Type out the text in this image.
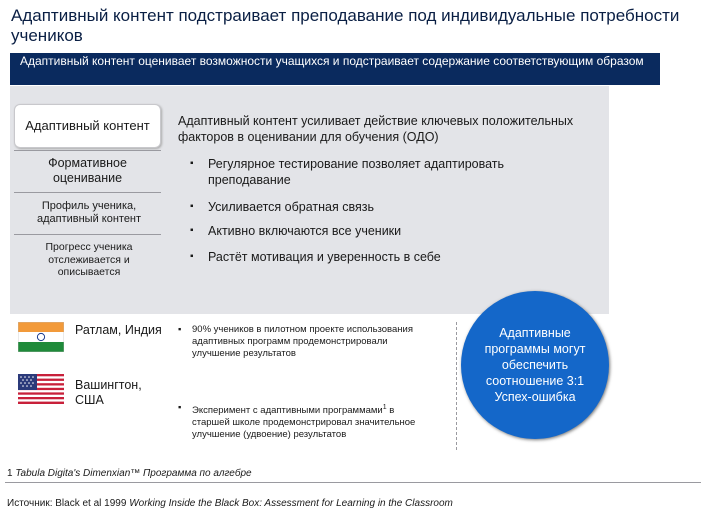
Адаптивный контент подстраивает преподавание под индивидуальные потребности учеников
Адаптивный контент оценивает возможности учащихся и подстраивает содержание соответствующим образом
Адаптивный контент
Формативное оценивание
Профиль ученика, адаптивный контент
Прогресс ученика отслеживается и описывается
Адаптивный контент усиливает действие ключевых положительных факторов в оценивании для обучения (ОДО)
▪ Регулярное тестирование позволяет адаптировать преподавание
▪ Усиливается обратная связь
▪ Активно включаются все ученики
▪ Растёт мотивация и уверенность в себе
Ратлам, Индия
Вашингтон, США
▪ 90% учеников в пилотном проекте использования адаптивных программ продемонстрировали улучшение результатов
▪ Эксперимент с адаптивными программами$^1$ в старшей школе продемонстрировал значительное улучшение (удвоение) результатов
Адаптивные программы могут обеспечить соотношение 3:1 Успех-ошибка
1 Tabula Digita's Dimenxian™ Программа по алгебре
Источник: Black et al 1999 Working Inside the Black Box: Assessment for Learning in the Classroom
